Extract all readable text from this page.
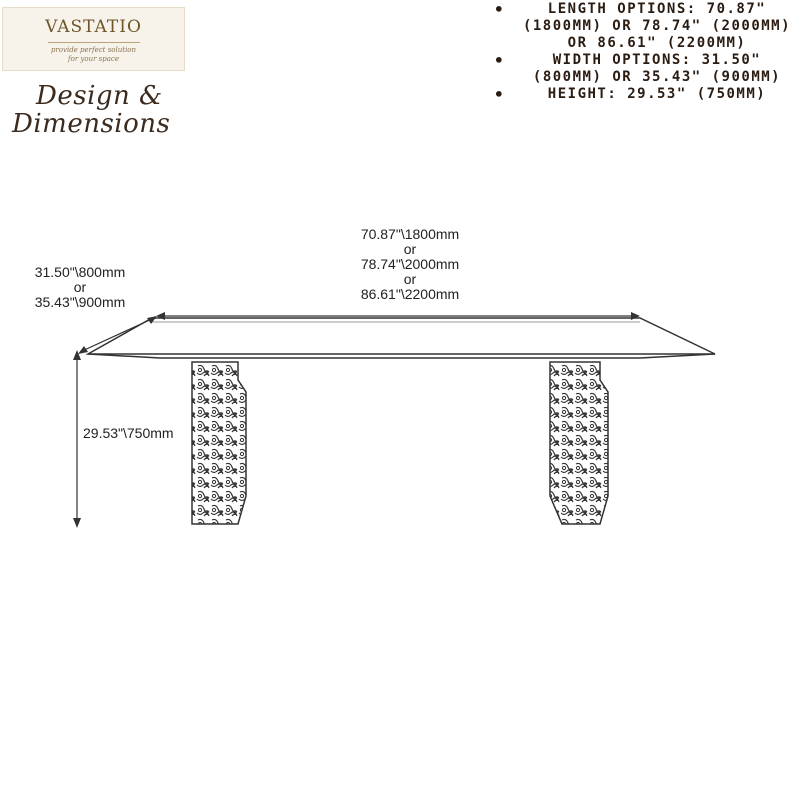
VASTATIO
provide perfect solution
for your space
Design &
Dimensions
• LENGTH OPTIONS: 70.87" (1800MM) OR 78.74" (2000MM) OR 86.61" (2200MM)
• WIDTH OPTIONS: 31.50" (800MM) OR 35.43" (900MM)
• HEIGHT: 29.53" (750MM)
70.87"\1800mm
or
78.74"\2000mm
or
86.61"\2200mm
31.50"\800mm
or
35.43"\900mm
29.53"\750mm
